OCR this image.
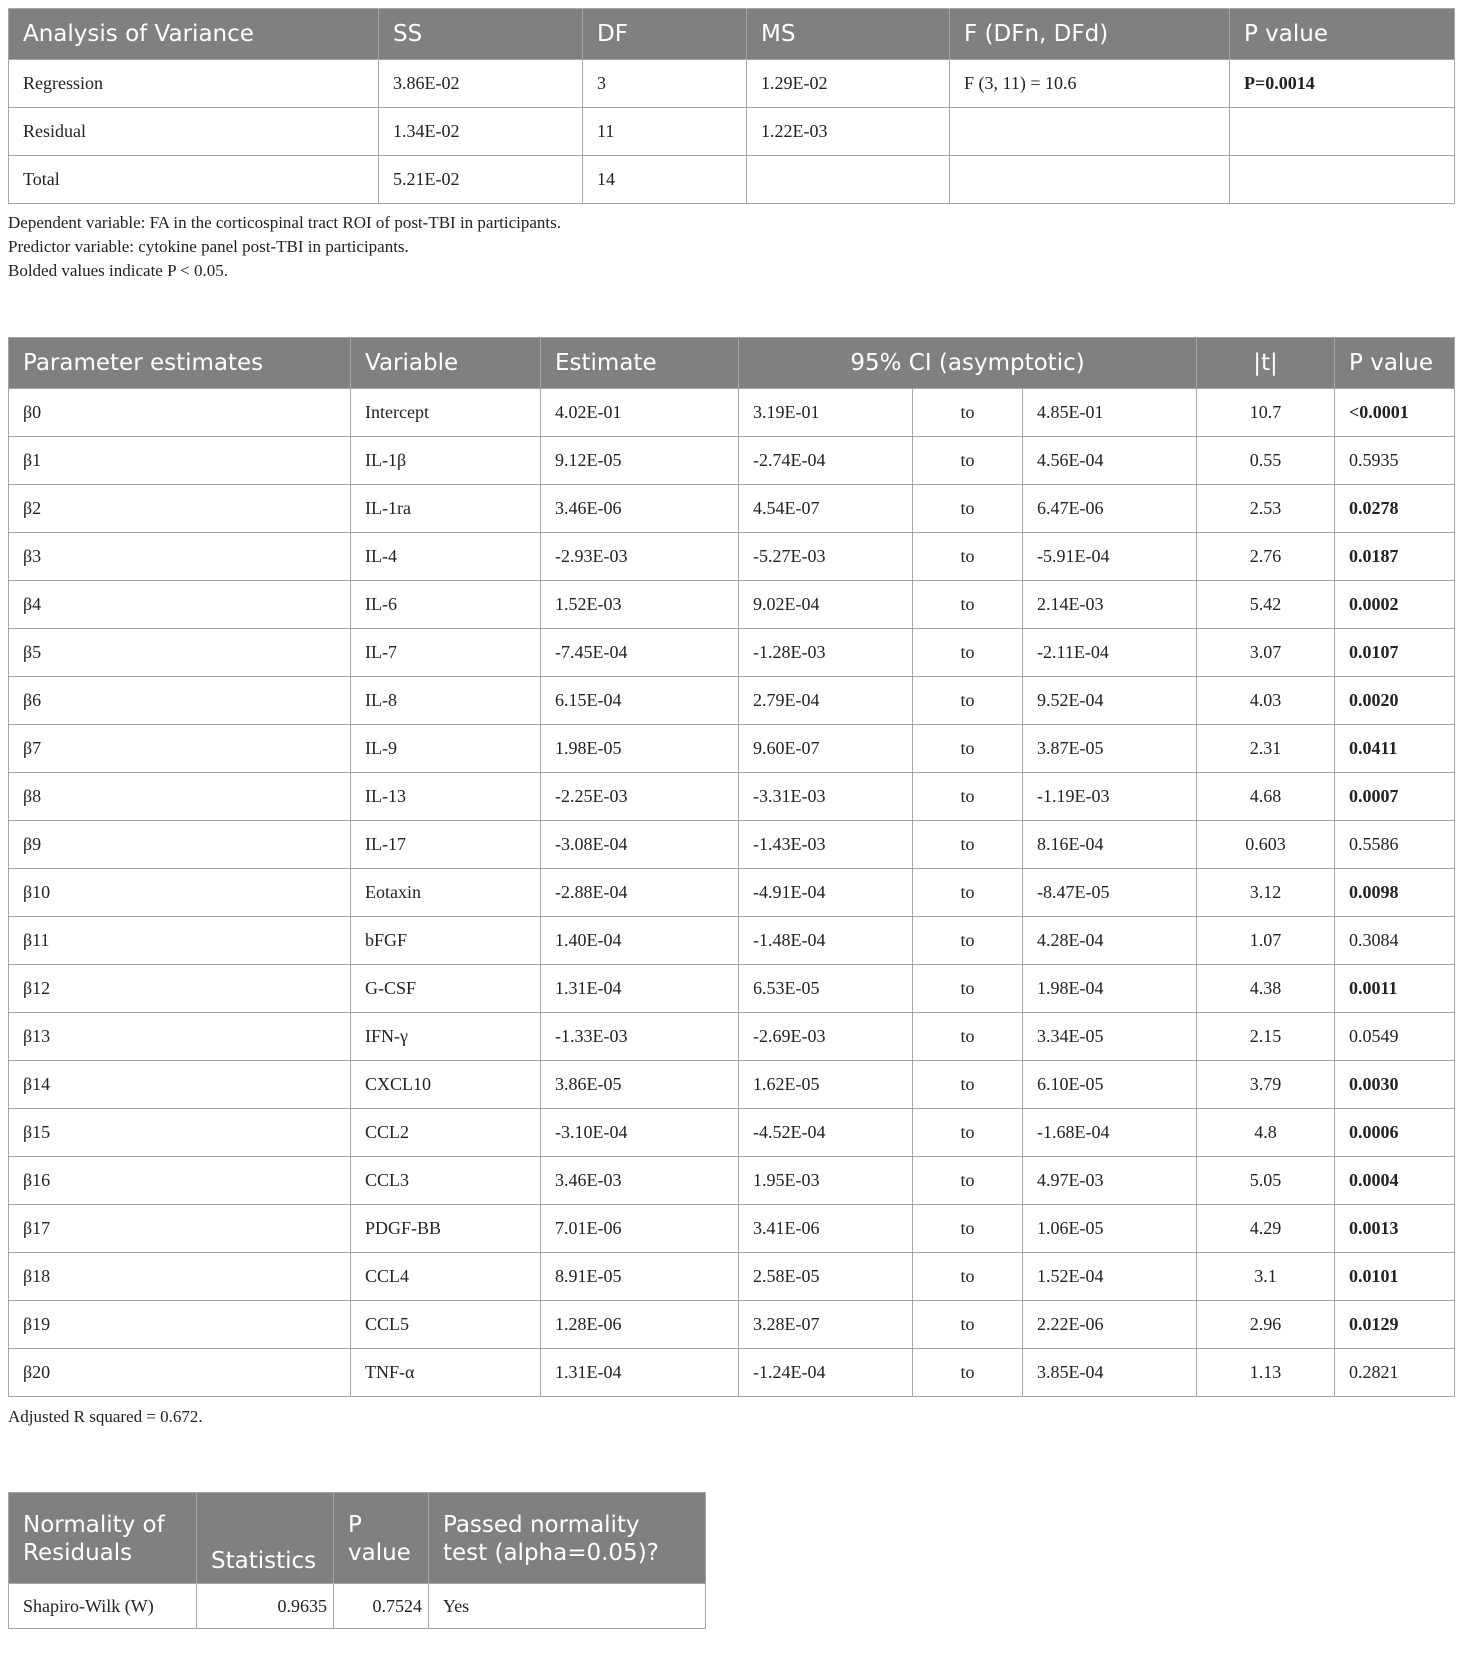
Analysis of Variance	SS	DF	MS	F (DFn, DFd)	P value
Regression	3.86E-02	3	1.29E-02	F (3, 11) = 10.6	P=0.0014
Residual	1.34E-02	11	1.22E-03		
Total	5.21E-02	14			
Dependent variable: FA in the corticospinal tract ROI of post-TBI in participants.
Predictor variable: cytokine panel post-TBI in participants.
Bolded values indicate P < 0.05.
Parameter estimates	Variable	Estimate	95% CI (asymptotic)			|t|	P value
β0	Intercept	4.02E-01	3.19E-01	to	4.85E-01	10.7	<0.0001
β1	IL-1β	9.12E-05	-2.74E-04	to	4.56E-04	0.55	0.5935
β2	IL-1ra	3.46E-06	4.54E-07	to	6.47E-06	2.53	0.0278
β3	IL-4	-2.93E-03	-5.27E-03	to	-5.91E-04	2.76	0.0187
β4	IL-6	1.52E-03	9.02E-04	to	2.14E-03	5.42	0.0002
β5	IL-7	-7.45E-04	-1.28E-03	to	-2.11E-04	3.07	0.0107
β6	IL-8	6.15E-04	2.79E-04	to	9.52E-04	4.03	0.0020
β7	IL-9	1.98E-05	9.60E-07	to	3.87E-05	2.31	0.0411
β8	IL-13	-2.25E-03	-3.31E-03	to	-1.19E-03	4.68	0.0007
β9	IL-17	-3.08E-04	-1.43E-03	to	8.16E-04	0.603	0.5586
β10	Eotaxin	-2.88E-04	-4.91E-04	to	-8.47E-05	3.12	0.0098
β11	bFGF	1.40E-04	-1.48E-04	to	4.28E-04	1.07	0.3084
β12	G-CSF	1.31E-04	6.53E-05	to	1.98E-04	4.38	0.0011
β13	IFN-γ	-1.33E-03	-2.69E-03	to	3.34E-05	2.15	0.0549
β14	CXCL10	3.86E-05	1.62E-05	to	6.10E-05	3.79	0.0030
β15	CCL2	-3.10E-04	-4.52E-04	to	-1.68E-04	4.8	0.0006
β16	CCL3	3.46E-03	1.95E-03	to	4.97E-03	5.05	0.0004
β17	PDGF-BB	7.01E-06	3.41E-06	to	1.06E-05	4.29	0.0013
β18	CCL4	8.91E-05	2.58E-05	to	1.52E-04	3.1	0.0101
β19	CCL5	1.28E-06	3.28E-07	to	2.22E-06	2.96	0.0129
β20	TNF-α	1.31E-04	-1.24E-04	to	3.85E-04	1.13	0.2821
Adjusted R squared = 0.672.
Normality of Residuals	Statistics	P value	Passed normality test (alpha=0.05)?
Shapiro-Wilk (W)	0.9635	0.7524	Yes
